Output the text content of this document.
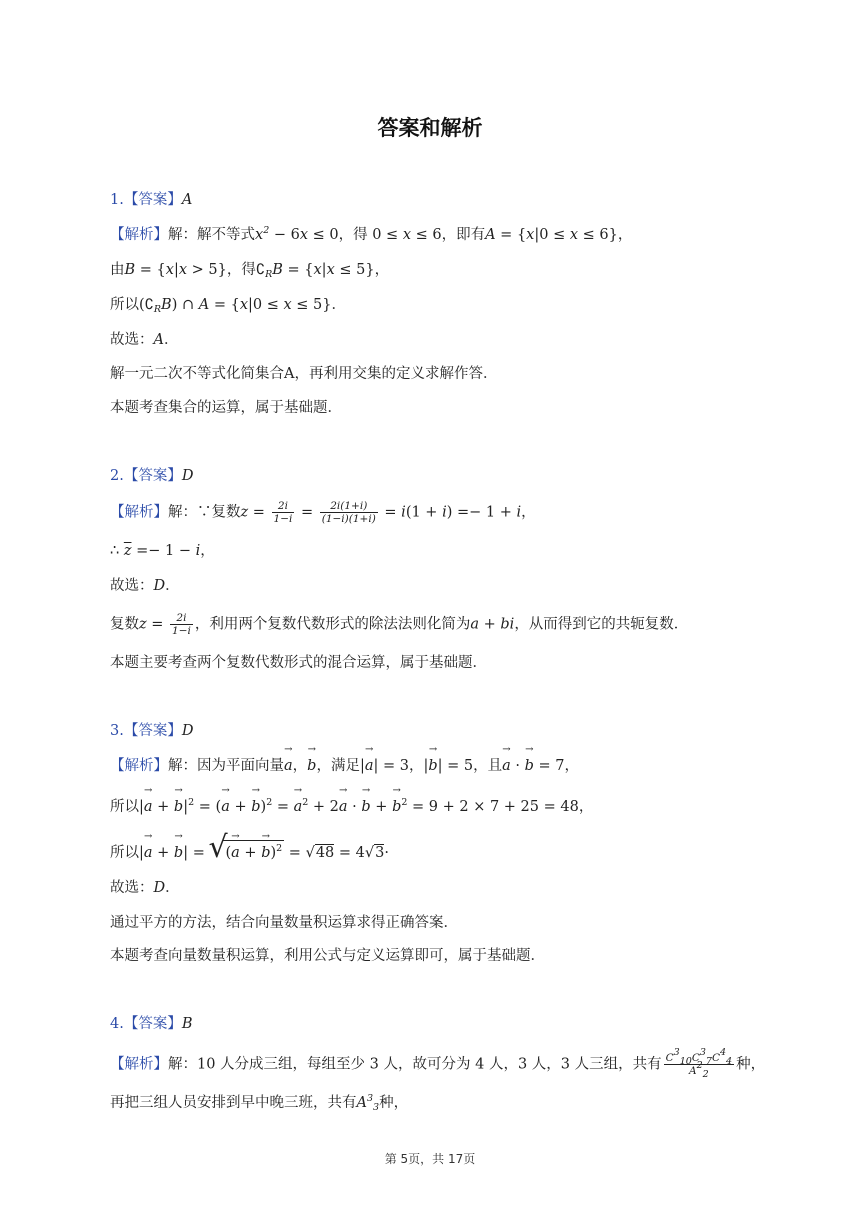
答案和解析
1.【答案】A
【解析】解：解不等式$x^2 - 6x \le 0$，得 0 ≤ x ≤ 6，即有A = {x|0 ≤ x ≤ 6}，
由B = {x|x > 5}，得$∁_RB = \{x|x \le 5\}$，
所以$(∁_RB)$ ∩ A = {x|0 ≤ x ≤ 5}．
故选：A．
解一元二次不等式化简集合A，再利用交集的定义求解作答．
本题考查集合的运算，属于基础题．
2.【答案】D
【解析】解：∵复数$z = \frac{2i}{1-i} = \frac{2i(1+i)}{(1-i)(1+i)} = i(1 + i) =- 1 + i$，
∴ $\overline{z} =- 1 - i$，
故选：D．
复数$z = \frac{2i}{1-i}$ ，利用两个复数代数形式的除法法则化简为a + bi，从而得到它的共轭复数．
本题主要考查两个复数代数形式的混合运算，属于基础题．
3.【答案】D
【解析】解：因为平面向量→ a，→ b，满足|→ a| = 3，|→ b| = 5，且→ a · → b = 7，
所以|→ a + → $b|^2$ = (→ a + → b)$^2$ = → $a^2 + 2\to a$ · → b + → $b^2 = 9 + 2 \times 7 + 25 = 48$，
所以|→ a + → b| = √ (→ a + → b)$^2$ = √48 = 4√3·
故选：D．
通过平方的方法，结合向量数量积运算求得正确答案．
本题考查向量数量积运算，利用公式与定义运算即可，属于基础题．
4.【答案】B
【解析】解：10 人分成三组，每组至少 3 人，故可分为 4 人，3 人，3 人三组，共有 $\frac{C^3_{10}C^3_7C^4_4}{A^2_2}$ 种，
再把三组人员安排到早中晚三班，共有$A^3_3$种，
第 5页，共 17页
